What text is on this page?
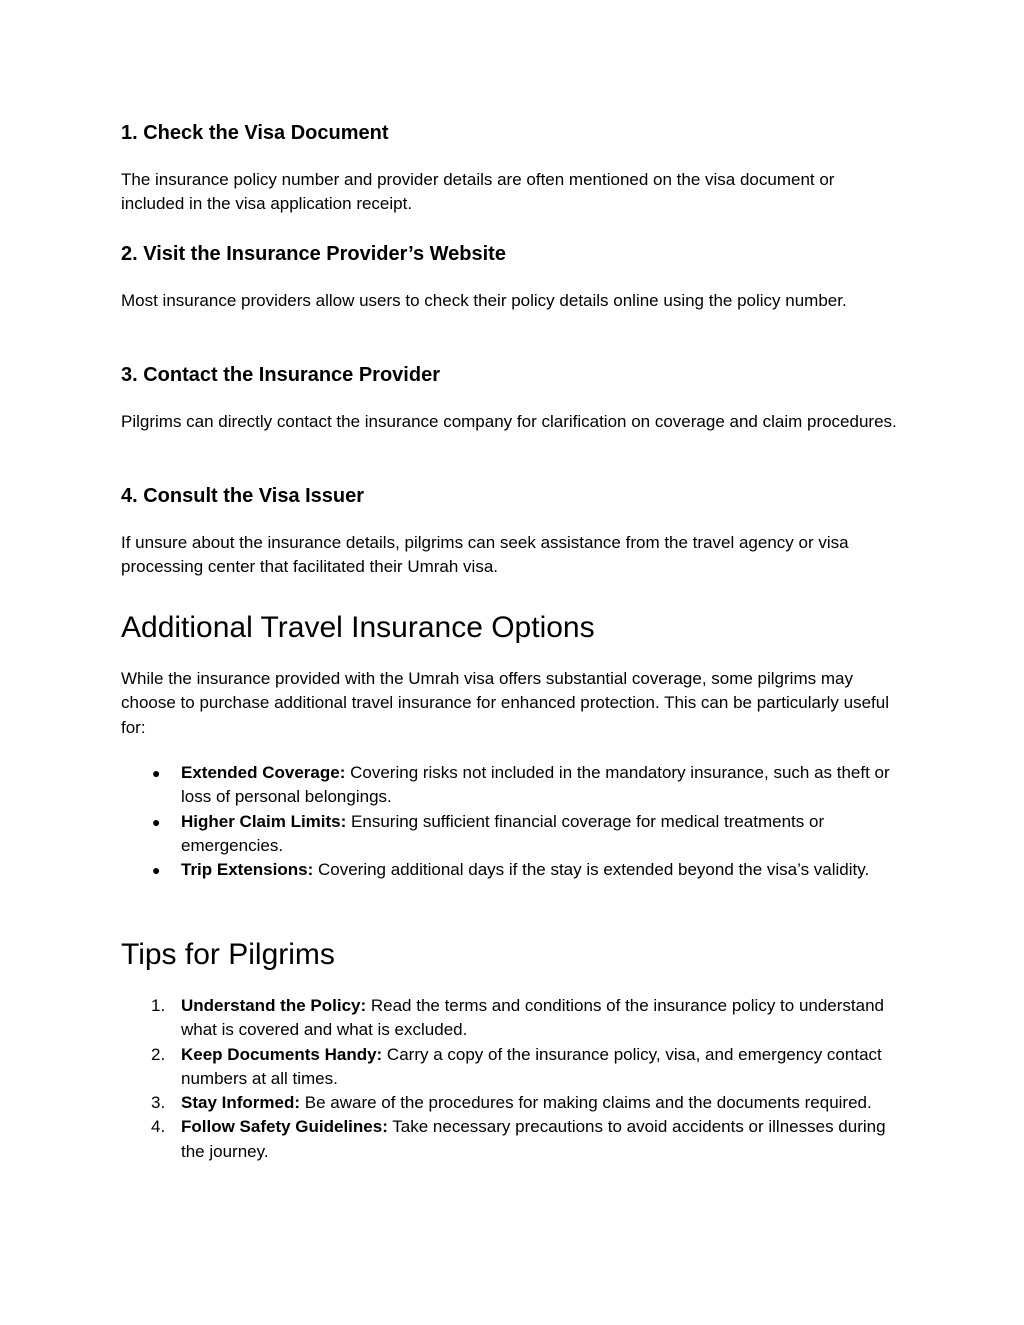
1. Check the Visa Document

The insurance policy number and provider details are often mentioned on the visa document or included in the visa application receipt.

2. Visit the Insurance Provider’s Website

Most insurance providers allow users to check their policy details online using the policy number.

3. Contact the Insurance Provider

Pilgrims can directly contact the insurance company for clarification on coverage and claim procedures.

4. Consult the Visa Issuer

If unsure about the insurance details, pilgrims can seek assistance from the travel agency or visa processing center that facilitated their Umrah visa.

Additional Travel Insurance Options

While the insurance provided with the Umrah visa offers substantial coverage, some pilgrims may choose to purchase additional travel insurance for enhanced protection. This can be particularly useful for:

●	Extended Coverage: Covering risks not included in the mandatory insurance, such as theft or loss of personal belongings.
●	Higher Claim Limits: Ensuring sufficient financial coverage for medical treatments or emergencies.
●	Trip Extensions: Covering additional days if the stay is extended beyond the visa’s validity.
Tips for Pilgrims
1. Understand the Policy: Read the terms and conditions of the insurance policy to understand what is covered and what is excluded.
2. Keep Documents Handy: Carry a copy of the insurance policy, visa, and emergency contact numbers at all times.
3. Stay Informed: Be aware of the procedures for making claims and the documents required.
4. Follow Safety Guidelines: Take necessary precautions to avoid accidents or illnesses during the journey.
